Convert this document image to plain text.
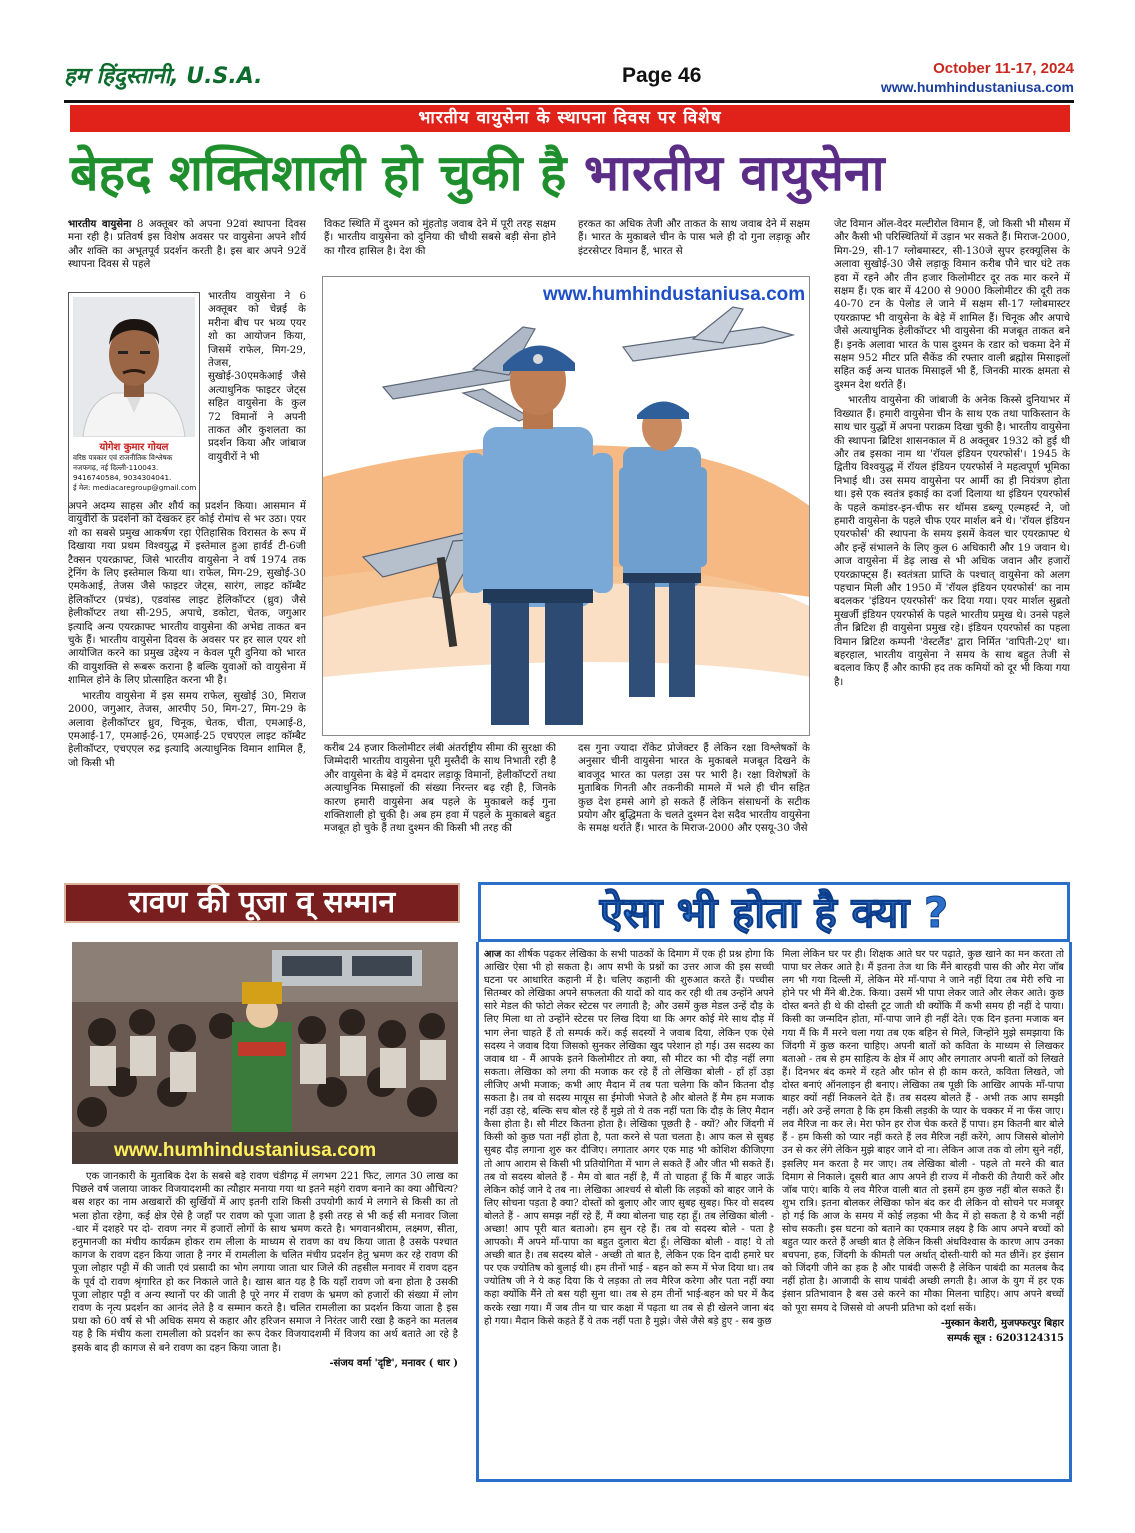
हम हिंदुस्तानी, U.S.A.	Page 46	October 11-17, 2024
www.humhindustaniusa.com
भारतीय वायुसेना के स्थापना दिवस पर विशेष
बेहद शक्तिशाली हो चुकी है भारतीय वायुसेना

भारतीय वायुसेना 8 अक्तूबर को अपना 92वां स्थापना दिवस मना रही है। प्रतिवर्ष इस विशेष अवसर पर वायुसेना अपने शौर्य और शक्ति का अभूतपूर्व प्रदर्शन करती है। इस बार अपने 92वें स्थापना दिवस से पहले

योगेश कुमार गोयल
वरिष्ठ पत्रकार एवं राजनीतिक विश्लेषक
नजफगढ़, नई दिल्ली-110043.
9416740584, 9034304041.
ई मेल: mediacaregroup@gmail.com

भारतीय वायुसेना ने 6 अक्तूबर को चेन्नई के मरीना बीच पर भव्य एयर शो का आयोजन किया, जिसमें राफेल, मिग-29, तेजस, सुखोई-30एमकेआई जैसे अत्याधुनिक फाइटर जेट्स सहित वायुसेना के कुल 72 विमानों ने अपनी ताकत और कुशलता का प्रदर्शन किया और जांबाज वायुवीरों ने भी

अपने अदम्य साहस और शौर्य का प्रदर्शन किया। आसमान में वायुवीरों के प्रदर्शनों को देखकर हर कोई रोमांच से भर उठा। एयर शो का सबसे प्रमुख आकर्षण रहा ऐतिहासिक विरासत के रूप में दिखाया गया प्रथम विश्वयुद्ध में इस्तेमाल हुआ हार्वर्ड टी-6जी टैक्सन एयरक्राफ्ट, जिसे भारतीय वायुसेना ने वर्ष 1974 तक ट्रेनिंग के लिए इस्तेमाल किया था। राफेल, मिग-29, सुखोई-30 एमकेआई, तेजस जैसे फाइटर जेट्स, सारंग, लाइट कॉम्बैट हेलिकॉप्टर (प्रचंड), एडवांस्ड लाइट हेलिकॉप्टर (ध्रुव) जैसे हेलीकॉप्टर तथा सी-295, अपाचे, डकोटा, चेतक, जगुआर इत्यादि अन्य एयरक्राफ्ट भारतीय वायुसेना की अभेद्य ताकत बन चुके हैं। भारतीय वायुसेना दिवस के अवसर पर हर साल एयर शो आयोजित करने का प्रमुख उद्देश्य न केवल पूरी दुनिया को भारत की वायुशक्ति से रूबरू कराना है बल्कि युवाओं को वायुसेना में शामिल होने के लिए प्रोत्साहित करना भी है।

भारतीय वायुसेना में इस समय राफेल, सुखोई 30, मिराज 2000, जगुआर, तेजस, आरपीए 50, मिग-27, मिग-29 के अलावा हेलीकॉप्टर ध्रुव, चिनूक, चेतक, चीता, एमआई-8, एमआई-17, एमआई-26, एमआई-25 एचएएल लाइट कॉम्बैट हेलीकॉप्टर, एचएएल रुद्र इत्यादि अत्याधुनिक विमान शामिल हैं, जो किसी भी

विकट स्थिति में दुश्मन को मुंहतोड़ जवाब देने में पूरी तरह सक्षम हैं। भारतीय वायुसेना को दुनिया की चौथी सबसे बड़ी सेना होने का गौरव हासिल है। देश की

हरकत का अधिक तेजी और ताकत के साथ जवाब देने में सक्षम हैं। भारत के मुकाबले चीन के पास भले ही दो गुना लड़ाकू और इंटरसेप्टर विमान हैं, भारत से

www.humhindustaniusa.com

जेट विमान ऑल-वेदर मल्टीरोल विमान हैं, जो किसी भी मौसम में और कैसी भी परिस्थितियों में उड़ान भर सकते हैं। मिराज-2000, मिग-29, सी-17 ग्लोबमास्टर, सी-130जे सुपर हरक्यूलिस के अलावा सुखोई-30 जैसे लड़ाकू विमान करीब पौने चार घंटे तक हवा में रहने और तीन हजार किलोमीटर दूर तक मार करने में सक्षम हैं। एक बार में 4200 से 9000 किलोमीटर की दूरी तक 40-70 टन के पेलोड ले जाने में सक्षम सी-17 ग्लोबमास्टर एयरक्राफ्ट भी वायुसेना के बेड़े में शामिल हैं। चिनूक और अपाचे जैसे अत्याधुनिक हेलीकॉप्टर भी वायुसेना की मजबूत ताकत बने हैं। इनके अलावा भारत के पास दुश्मन के रडार को चकमा देने में सक्षम 952 मीटर प्रति सैकेंड की रफ्तार वाली ब्रह्मोस मिसाइलों सहित कई अन्य घातक मिसाइलें भी हैं, जिनकी मारक क्षमता से दुश्मन देश थर्राते हैं।

भारतीय वायुसेना की जांबाजी के अनेक किस्से दुनियाभर में विख्यात हैं। हमारी वायुसेना चीन के साथ एक तथा पाकिस्तान के साथ चार युद्धों में अपना पराक्रम दिखा चुकी है। भारतीय वायुसेना की स्थापना ब्रिटिश शासनकाल में 8 अक्तूबर 1932 को हुई थी और तब इसका नाम था 'रॉयल इंडियन एयरफोर्स'। 1945 के द्वितीय विश्वयुद्ध में रॉयल इंडियन एयरफोर्स ने महत्वपूर्ण भूमिका निभाई थी। उस समय वायुसेना पर आर्मी का ही नियंत्रण होता था। इसे एक स्वतंत्र इकाई का दर्जा दिलाया था इंडियन एयरफोर्स के पहले कमांडर-इन-चीफ सर थॉमस डब्ल्यू एल्महर्स्ट ने, जो हमारी वायुसेना के पहले चीफ एयर मार्शल बने थे। 'रॉयल इंडियन एयरफोर्स' की स्थापना के समय इसमें केवल चार एयरक्राफ्ट थे और इन्हें संभालने के लिए कुल 6 अधिकारी और 19 जवान थे। आज वायुसेना में डेढ़ लाख से भी अधिक जवान और हजारों एयरक्राफ्ट्स हैं। स्वतंत्रता प्राप्ति के पश्चात् वायुसेना को अलग पहचान मिली और 1950 में 'रॉयल इंडियन एयरफोर्स' का नाम बदलकर 'इंडियन एयरफोर्स' कर दिया गया। एयर मार्शल सुब्रतो मुखर्जी इंडियन एयरफोर्स के पहले भारतीय प्रमुख थे। उनसे पहले तीन ब्रिटिश ही वायुसेना प्रमुख रहे। इंडियन एयरफोर्स का पहला विमान ब्रिटिश कम्पनी 'वेस्टलैंड' द्वारा निर्मित 'वापिती-2ए' था। बहरहाल, भारतीय वायुसेना ने समय के साथ बहुत तेजी से बदलाव किए हैं और काफी हद तक कमियों को दूर भी किया गया है।

करीब 24 हजार किलोमीटर लंबी अंतर्राष्ट्रीय सीमा की सुरक्षा की जिम्मेदारी भारतीय वायुसेना पूरी मुस्तैदी के साथ निभाती रही है और वायुसेना के बेड़े में दमदार लड़ाकू विमानों, हेलीकॉप्टरों तथा अत्याधुनिक मिसाइलों की संख्या निरन्तर बढ़ रही है, जिनके कारण हमारी वायुसेना अब पहले के मुकाबले कई गुना शक्तिशाली हो चुकी है। अब हम हवा में पहले के मुकाबले बहुत मजबूत हो चुके हैं तथा दुश्मन की किसी भी तरह की

दस गुना ज्यादा रॉकेट प्रोजेक्टर हैं लेकिन रक्षा विश्लेषकों के अनुसार चीनी वायुसेना भारत के मुकाबले मजबूत दिखने के बावजूद भारत का पलड़ा उस पर भारी है। रक्षा विशेषज्ञों के मुताबिक गिनती और तकनीकी मामले में भले ही चीन सहित कुछ देश हमसे आगे हो सकते हैं लेकिन संसाधनों के सटीक प्रयोग और बुद्धिमता के चलते दुश्मन देश सदैव भारतीय वायुसेना के समक्ष थर्राते हैं। भारत के मिराज-2000 और एसयू-30 जैसे

रावण की पूजा व् सम्मान
www.humhindustaniusa.com

एक जानकारी के मुताबिक देश के सबसे बड़े रावण चंडीगढ़ में लगभग 221 फिट, लागत 30 लाख का पिछले वर्ष जलाया जाकर विजयादशमी का त्यौहार मनाया गया था इतने महंगे रावण बनाने का क्या औचित्य? बस शहर का नाम अखबारों की सुर्खियों में आए इतनी राशि किसी उपयोगी कार्य मे लगाने से किसी का तो भला होता रहेगा, कई क्षेत्र ऐसे है जहाँ पर रावण को पूजा जाता है इसी तरह से भी कई सी मनावर जिला -धार में दशहरे पर दो- रावण नगर में हजारों लोगों के साथ भ्रमण करते है। भगवानश्रीराम, लक्ष्मण, सीता, हनुमानजी का मंचीय कार्यक्रम होकर राम लीला के माध्यम से रावण का वध किया जाता है उसके पश्चात कागज के रावण दहन किया जाता है नगर में रामलीला के चलित मंचीय प्रदर्शन हेतु भ्रमण कर रहे रावण की पूजा लोहार पट्टी में की जाती एवं प्रसादी का भोग लगाया जाता धार जिले की तहसील मनावर में रावण दहन के पूर्व दो रावण श्रृंगारित हो कर निकाले जाते है। खास बात यह है कि यहाँ रावण जो बना होता है उसकी पूजा लोहार पट्टी व अन्य स्थानों पर की जाती है पूरे नगर में रावण के भ्रमण को हजारों की संख्या में लोग रावण के नृत्य प्रदर्शन का आनंद लेते है व सम्मान करते है। चलित रामलीला का प्रदर्शन किया जाता है इस प्रथा को 60 वर्ष से भी अधिक समय से कहार और हरिजन समाज ने निरंतर जारी रखा है कहने का मतलब यह है कि मंचीय कला रामलीला को प्रदर्शन का रूप देकर विजयादशमी में विजय का अर्थ बताते आ रहे है इसके बाद ही कागज से बने रावण का दहन किया जाता है।

-संजय वर्मा 'दृष्टि', मनावर ( धार )

ऐसा भी होता है क्या ?

आज का शीर्षक पढ़कर लेखिका के सभी पाठकों के दिमाग में एक ही प्रश्न होगा कि आखिर ऐसा भी हो सकता है। आप सभी के प्रश्नों का उत्तर आज की इस सच्ची घटना पर आधारित कहानी में है। चलिए कहानी की शुरुआत करते हैं। पच्चीस सितम्बर को लेखिका अपने सफलता की यादों को याद कर रही थी तब उन्होंने अपने सारे मेडल की फोटो लेकर स्टेटस पर लगाती है; और उसमें कुछ मेडल उन्हें दौड़ के लिए मिला था तो उन्होंने स्टेटस पर लिख दिया था कि अगर कोई मेरे साथ दौड़ में भाग लेना चाहते हैं तो सम्पर्क करें। कई सदस्यों ने जवाब दिया, लेकिन एक ऐसे सदस्य ने जवाब दिया जिसको सुनकर लेखिका खुद परेशान हो गई। उस सदस्य का जवाब था - मैं आपके इतने किलोमीटर तो क्या, सौ मीटर का भी दौड़ नहीं लगा सकता। लेखिका को लगा की मजाक कर रहे हैं तो लेखिका बोली - हाँ हाँ उड़ा लीजिए अभी मजाक; कभी आए मैदान में तब पता चलेगा कि कौन कितना दौड़ सकता है। तब वो सदस्य मायूस सा ईमोजी भेजते है और बोलते हैं मैम हम मजाक नहीं उड़ा रहे, बल्कि सच बोल रहे हैं मुझे तो ये तक नहीं पता कि दौड़ के लिए मैदान कैसा होता है। सौ मीटर कितना होता है। लेखिका पूछती है - क्यों? और जिंदगी में किसी को कुछ पता नहीं होता है, पता करने से पता चलता है। आप कल से सुबह सुबह दौड़ लगाना शुरु कर दीजिए। लगातार अगर एक माह भी कोशिश कीजिएगा तो आप आराम से किसी भी प्रतियोगिता में भाग ले सकते हैं और जीत भी सकते हैं। तब वो सदस्य बोलते हैं - मैम वो बात नहीं है, मैं तो चाहता हूँ कि मैं बाहर जाऊँ लेकिन कोई जाने दे तब ना। लेखिका आश्चर्य से बोली कि लड़कों को बाहर जाने के लिए सोचना पड़ता है क्या? दोस्तों को बुलाए और जाए सुबह सुबह। फिर वो सदस्य बोलते हैं - आप समझ नहीं रहे हैं, मैं क्या बोलना चाह रहा हूँ। तब लेखिका बोली - अच्छा! आप पूरी बात बताओ। हम सुन रहे हैं। तब वो सदस्य बोले - पता है आपको। मैं अपने माँ-पापा का बहुत दुलारा बेटा हूँ। लेखिका बोली - वाह! ये तो अच्छी बात है। तब सदस्य बोले - अच्छी तो बात है, लेकिन एक दिन दादी हमारे घर पर एक ज्योतिष को बुलाई थी। हम तीनों भाई - बहन को रूम में भेज दिया था। तब ज्योतिष जी ने ये कह दिया कि ये लड़का तो लव मैरिज करेगा और पता नहीं क्या कहा क्योंकि मैंने तो बस यही सुना था। तब से हम तीनों भाई-बहन को घर में कैद करके रखा गया। मैं जब तीन या चार कक्षा में पढ़ता था तब से ही खेलने जाना बंद हो गया। मैदान किसे कहते हैं ये तक नहीं पता है मुझे। जैसे जैसे बड़े हुए - सब कुछ

मिला लेकिन घर पर ही। शिक्षक आते घर पर पढ़ाते, कुछ खाने का मन करता तो पापा घर लेकर आते है। मैं इतना तेज था कि मैंने बारहवी पास की और मेरा जॉब लग भी गया दिल्ली में, लेकिन मेरे माँ-पापा ने जाने नहीं दिया तब मेरी रुचि ना होने पर भी मैंने बी.टेक. किया। उसमें भी पापा लेकर जाते और लेकर आते। कुछ दोस्त बनते ही थे की दोस्ती टूट जाती थी क्योंकि मैं कभी समय ही नहीं दे पाया। किसी का जन्मदिन होता, माँ-पापा जाने ही नहीं देते। एक दिन इतना मजाक बन गया मैं कि मैं मरने चला गया तब एक बहिन से मिले, जिन्होंने मुझे समझाया कि जिंदगी में कुछ करना चाहिए। अपनी बातों को कविता के माध्यम से लिखकर बताओ - तब से हम साहित्य के क्षेत्र में आए और लगातार अपनी बातों को लिखते हैं। दिनभर बंद कमरे में रहते और फोन से ही काम करते, कविता लिखते, जो दोस्त बनाएं ऑनलाइन ही बनाए। लेखिका तब पूछी कि आखिर आपके माँ-पापा बाहर क्यों नहीं निकलने देते हैं। तब सदस्य बोलते हैं - अभी तक आप समझी नहीं। अरे उन्हें लगता है कि हम किसी लड़की के प्यार के चक्कर में ना फँस जाए। लव मैरिज ना कर ले। मेरा फोन हर रोज चेक करते हैं पापा। हम कितनी बार बोले हैं - हम किसी को प्यार नहीं करते हैं लव मैरिज नहीं करेंगे, आप जिससे बोलोगे उन से कर लेंगे लेकिन मुझे बाहर जाने दो ना। लेकिन आज तक वो लोग सुने नहीं, इसलिए मन करता है मर जाए। तब लेखिका बोली - पहले तो मरने की बात दिमाग से निकाले। दूसरी बात आप अपने ही राज्य में नौकरी की तैयारी करें और जॉब पाएं। बाकि ये लव मैरिज वाली बात तो इसमें हम कुछ नहीं बोल सकते हैं। शुभ रात्रि। इतना बोलकर लेखिका फोन बंद कर दी लेकिन वो सोचने पर मजबूर हो गई कि आज के समय में कोई लड़का भी कैद में हो सकता है ये कभी नहीं सोच सकती। इस घटना को बताने का एकमात्र लक्ष्य है कि आप अपने बच्चों को बहुत प्यार करते हैं अच्छी बात है लेकिन किसी अंधविश्वास के कारण आप उनका बचपना, हक, जिंदगी के कीमती पल अर्थात् दोस्ती-यारी को मत छीनें। हर इंसान को जिंदगी जीने का हक है और पाबंदी जरूरी है लेकिन पाबंदी का मतलब कैद नहीं होता है। आजादी के साथ पाबंदी अच्छी लगती है। आज के युग में हर एक इंसान प्रतिभावान है बस उसे करने का मौका मिलना चाहिए। आप अपने बच्चों को पूरा समय दे जिससे वो अपनी प्रतिभा को दर्शा सकें।

-मुस्कान केशरी, मुजफ्फरपुर बिहार

सम्पर्क सूत्र : 6203124315
